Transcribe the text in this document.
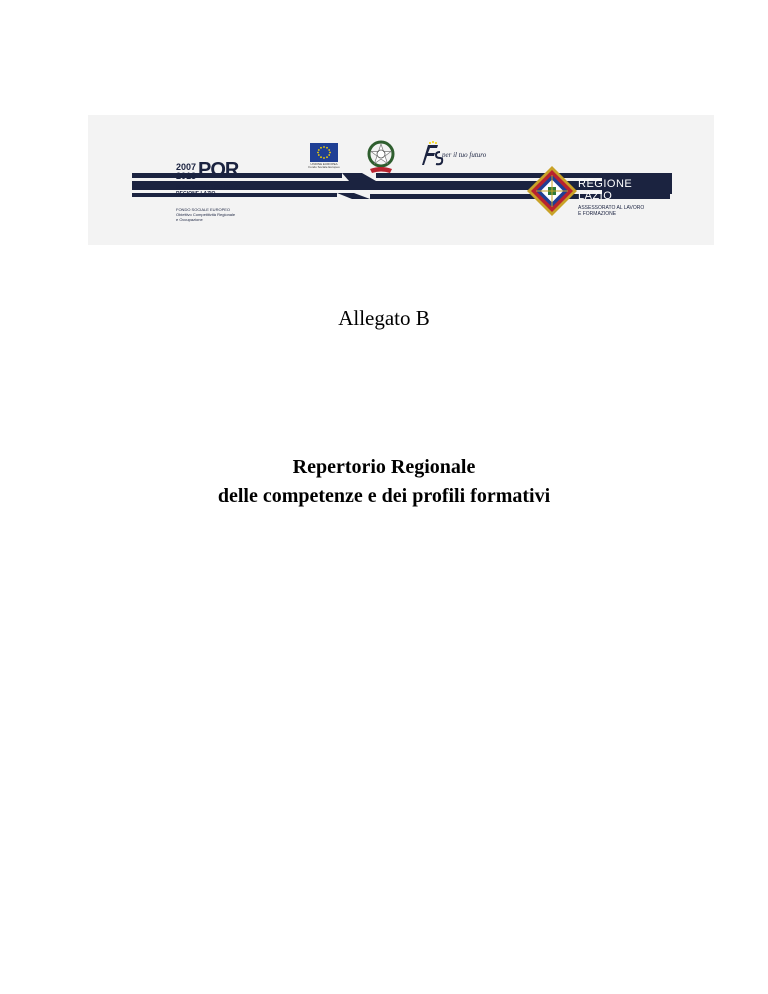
2007
2013 POR
PROGRAMMA OPERATIVO
REGIONE LAZIO
FONDO SOCIALE EUROPEO
Obiettivo Competitività Regionale
e Occupazione
UNIONE EUROPEA Fondo Sociale Europeo
per il tuo futuro
REGIONE
LAZIO
ASSESSORATO AL LAVORO
E FORMAZIONE
Allegato B
Repertorio Regionale
delle competenze e dei profili formativi
